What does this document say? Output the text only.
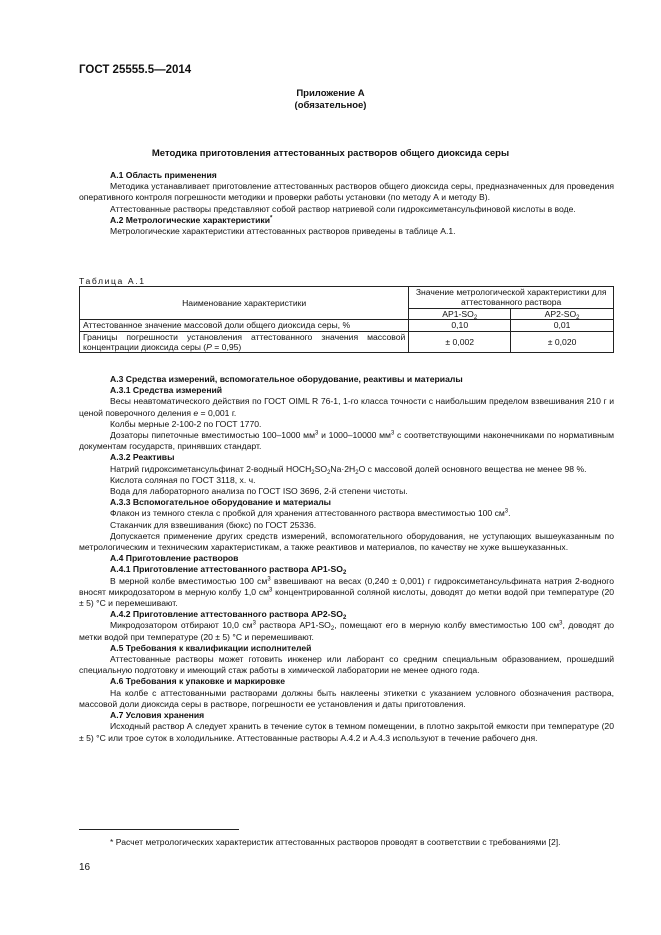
ГОСТ 25555.5—2014
Приложение А
(обязательное)
Методика приготовления аттестованных растворов общего диоксида серы

А.1 Область применения

Методика устанавливает приготовление аттестованных растворов общего диоксида серы, предназначенных для проведения оперативного контроля погрешности методики и проверки работы установки (по методу А и методу В).

Аттестованные растворы представляют собой раствор натриевой соли гидроксиметансульфиновой кислоты в воде.

А.2 Метрологические характеристики*

Метрологические характеристики аттестованных растворов приведены в таблице А.1.

Таблица А.1
Наименование характеристики	Значение метрологической характеристики для аттестованного раствора	
	$АР1-SO_2$	$АР2-SO_2$
Аттестованное значение массовой доли общего диоксида серы, %	0,10	0,01
Границы погрешности установления аттестованного значения массовой концентрации диоксида серы (P = 0,95)	± 0,002	± 0,020

А.3 Средства измерений, вспомогательное оборудование, реактивы и материалы

А.3.1 Средства измерений

Весы неавтоматического действия по ГОСТ OIML R 76-1, 1-го класса точности с наибольшим пределом взвешивания 210 г и ценой поверочного деления e = 0,001 г.

Колбы мерные 2-100-2 по ГОСТ 1770.

Дозаторы пипеточные вместимостью 100–1000 $мм^3$ и 1000–10000 $мм^3$ с соответствующими наконечниками по нормативным документам государств, принявших стандарт.

А.3.2 Реактивы

Натрий гидроксиметансульфинат 2-водный $HOCH_2SO_2Na\cdot 2H_2O$ с массовой долей основного вещества не менее 98 %.

Кислота соляная по ГОСТ 3118, х. ч.

Вода для лабораторного анализа по ГОСТ ISO 3696, 2-й степени чистоты.

А.3.3 Вспомогательное оборудование и материалы

Флакон из темного стекла с пробкой для хранения аттестованного раствора вместимостью 100 $см^3$.

Стаканчик для взвешивания (бюкс) по ГОСТ 25336.

Допускается применение других средств измерений, вспомогательного оборудования, не уступающих вышеуказанным по метрологическим и техническим характеристикам, а также реактивов и материалов, по качеству не хуже вышеуказанных.

А.4 Приготовление растворов

А.4.1 Приготовление аттестованного раствора $АР1-SO_2$

В мерной колбе вместимостью 100 $см^3$ взвешивают на весах (0,240 ± 0,001) г гидроксиметансульфината натрия 2-водного вносят микродозатором в мерную колбу 1,0 $см^3$ концентрированной соляной кислоты, доводят до метки водой при температуре (20 ± 5) °С и перемешивают.

А.4.2 Приготовление аттестованного раствора $АР2-SO_2$

Микродозатором отбирают 10,0 $см^3$ раствора $АР1-SO_2$, помещают его в мерную колбу вместимостью 100 $см^3$, доводят до метки водой при температуре (20 ± 5) °С и перемешивают.

А.5 Требования к квалификации исполнителей

Аттестованные растворы может готовить инженер или лаборант со средним специальным образованием, прошедший специальную подготовку и имеющий стаж работы в химической лаборатории не менее одного года.

А.6 Требования к упаковке и маркировке

На колбе с аттестованными растворами должны быть наклеены этикетки с указанием условного обозначения раствора, массовой доли диоксида серы в растворе, погрешности ее установления и даты приготовления.

А.7 Условия хранения

Исходный раствор А следует хранить в течение суток в темном помещении, в плотно закрытой емкости при температуре (20 ± 5) °С или трое суток в холодильнике. Аттестованные растворы А.4.2 и А.4.3 используют в течение рабочего дня.

* Расчет метрологических характеристик аттестованных растворов проводят в соответствии с требованиями [2].
16
